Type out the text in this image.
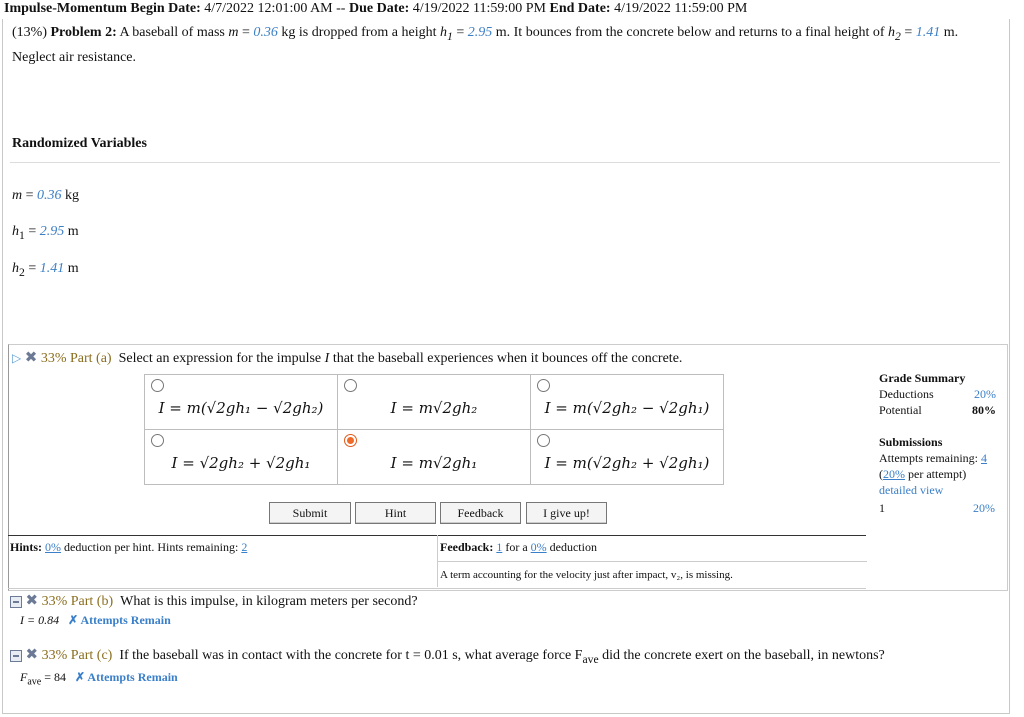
Impulse-Momentum Begin Date: 4/7/2022 12:01:00 AM -- Due Date: 4/19/2022 11:59:00 PM End Date: 4/19/2022 11:59:00 PM
(13%) Problem 2: A baseball of mass m = 0.36 kg is dropped from a height $h_1 = 2.95$ m. It bounces from the concrete below and returns to a final height of $h_2 = 1.41$ m. Neglect air resistance.
Randomized Variables
m = 0.36 kg
$h_1 = 2.95$ m
$h_2 = 1.41$ m
▷ ✖ 33% Part (a) Select an expression for the impulse I that the baseball experiences when it bounces off the concrete.
I = m(√2gh₁ − √2gh₂)	I = m√2gh₂	I = m(√2gh₂ − √2gh₁)

I = √2gh₂ + √2gh₁	I = m√2gh₁	I = m(√2gh₂ + √2gh₁)
Submit	Hint	Feedback	I give up!
Grade Summary
Deductions	20%
Potential	80%
Submissions
Attempts remaining: 4
(20% per attempt)
detailed view
1	20%
Hints: 0% deduction per hint. Hints remaining: 2	Feedback: 1 for a 0% deduction
A term accounting for the velocity just after impact, v₂, is missing.
✖ 33% Part (b) What is this impulse, in kilogram meters per second?
I = 0.84 ✗ Attempts Remain
✖ 33% Part (c) If the baseball was in contact with the concrete for t = 0.01 s, what average force $F_{ave}$ did the concrete exert on the baseball, in newtons?
$F_{ave} = 84$ ✗ Attempts Remain
